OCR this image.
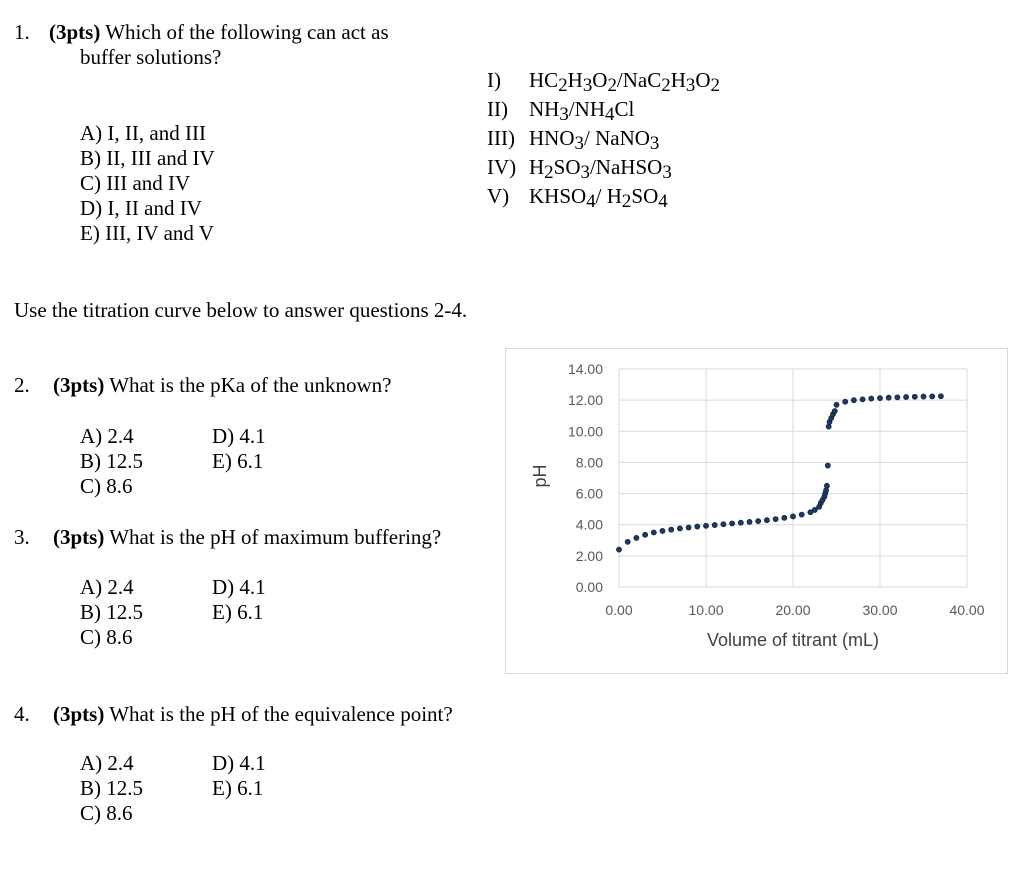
1. (3pts) Which of the following can act as
buffer solutions?
A) I, II, and III
B) II, III and IV
C) III and IV
D) I, II and IV
E) III, IV and V
I) $HC_2H_3O_2/NaC_2H_3O_2$
II) $NH_3/NH_4Cl$
III) $HNO_3/$ NaNO$_3$
IV) $H_2SO_3/NaHSO_3$
V) $KHSO_4/$ $H_2SO_4$
Use the titration curve below to answer questions 2-4.
2. (3pts) What is the pKa of the unknown?
A) 2.4
B) 12.5
C) 8.6
D) 4.1
E) 6.1
3. (3pts) What is the pH of maximum buffering?
A) 2.4
B) 12.5
C) 8.6
D) 4.1
E) 6.1
4. (3pts) What is the pH of the equivalence point?
A) 2.4
B) 12.5
C) 8.6
D) 4.1
E) 6.1
0.00
2.00
4.00
6.00
8.00
10.00
12.00
14.00
0.00	10.00	20.00	30.00	40.00
Volume of titrant (mL)
pH
